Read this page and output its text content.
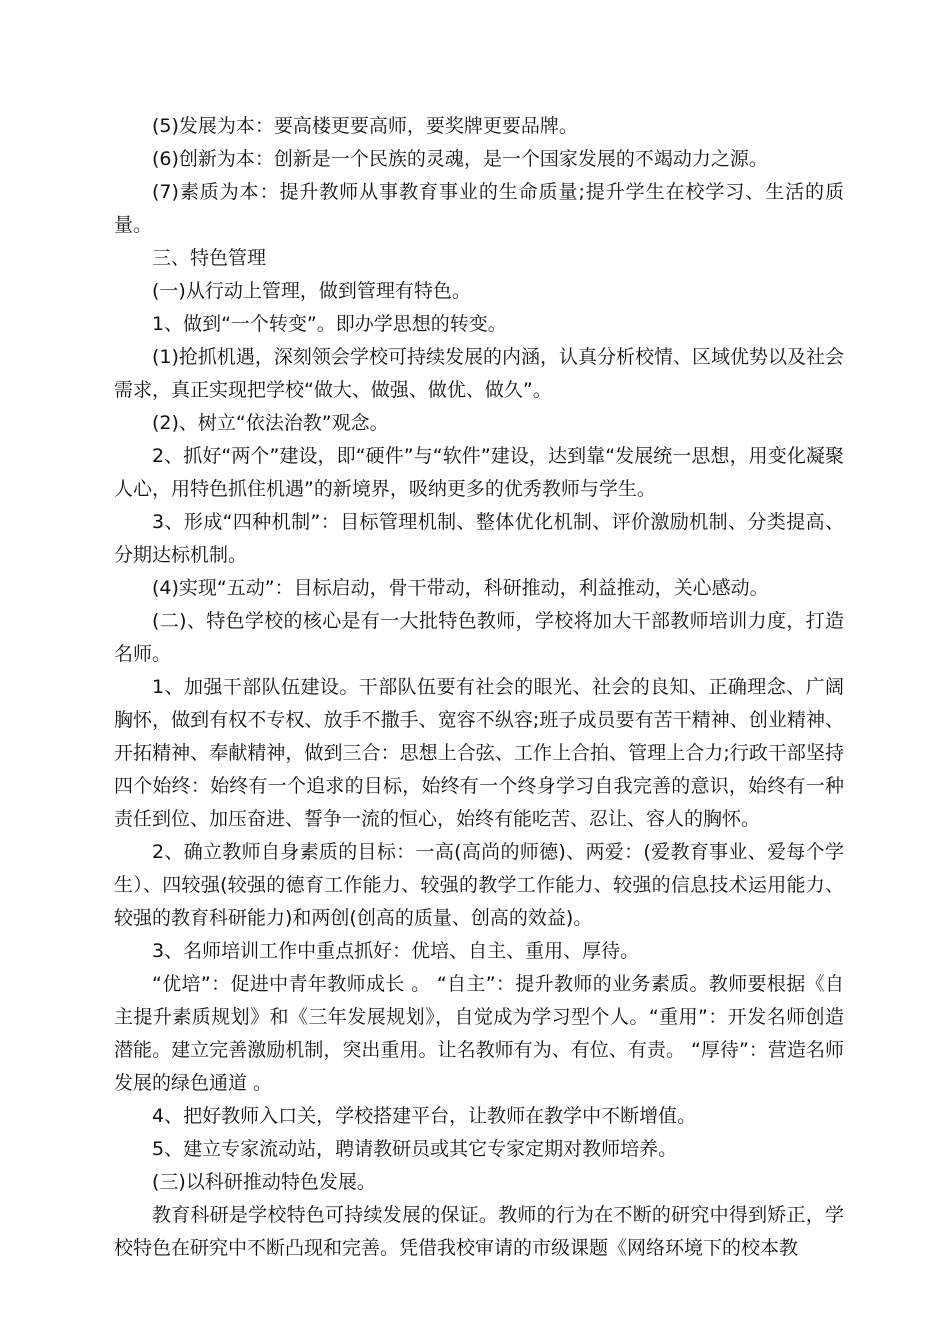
(5)发展为本：要高楼更要高师，要奖牌更要品牌。

(6)创新为本：创新是一个民族的灵魂，是一个国家发展的不竭动力之源。

(7)素质为本：提升教师从事教育事业的生命质量;提升学生在校学习、生活的质量。

三、特色管理

(一)从行动上管理，做到管理有特色。

1、做到“一个转变”。即办学思想的转变。

(1)抢抓机遇，深刻领会学校可持续发展的内涵，认真分析校情、区域优势以及社会需求，真正实现把学校“做大、做强、做优、做久”。

(2)、树立“依法治教”观念。

2、抓好“两个”建设，即“硬件”与“软件”建设，达到靠“发展统一思想，用变化凝聚人心，用特色抓住机遇”的新境界，吸纳更多的优秀教师与学生。

3、形成“四种机制”：目标管理机制、整体优化机制、评价激励机制、分类提高、分期达标机制。

(4)实现“五动”：目标启动，骨干带动，科研推动，利益推动，关心感动。

(二)、特色学校的核心是有一大批特色教师，学校将加大干部教师培训力度，打造名师。

1、加强干部队伍建设。干部队伍要有社会的眼光、社会的良知、正确理念、广阔胸怀，做到有权不专权、放手不撒手、宽容不纵容;班子成员要有苦干精神、创业精神、开拓精神、奉献精神，做到三合：思想上合弦、工作上合拍、管理上合力;行政干部坚持四个始终：始终有一个追求的目标，始终有一个终身学习自我完善的意识，始终有一种责任到位、加压奋进、誓争一流的恒心，始终有能吃苦、忍让、容人的胸怀。

2、确立教师自身素质的目标：一高(高尚的师德)、两爱：(爱教育事业、爱每个学生）、四较强(较强的德育工作能力、较强的教学工作能力、较强的信息技术运用能力、较强的教育科研能力)和两创(创高的质量、创高的效益)。

3、名师培训工作中重点抓好：优培、自主、重用、厚待。

“优培”：促进中青年教师成长 。 “自主”：提升教师的业务素质。教师要根据《自主提升素质规划》和《三年发展规划》，自觉成为学习型个人。“重用”：开发名师创造潜能。建立完善激励机制，突出重用。让名教师有为、有位、有责。 “厚待”：营造名师发展的绿色通道 。

4、把好教师入口关，学校搭建平台，让教师在教学中不断增值。

5、建立专家流动站，聘请教研员或其它专家定期对教师培养。

(三)以科研推动特色发展。

教育科研是学校特色可持续发展的保证。教师的行为在不断的研究中得到矫正，学校特色在研究中不断凸现和完善。凭借我校审请的市级课题《网络环境下的校本教
